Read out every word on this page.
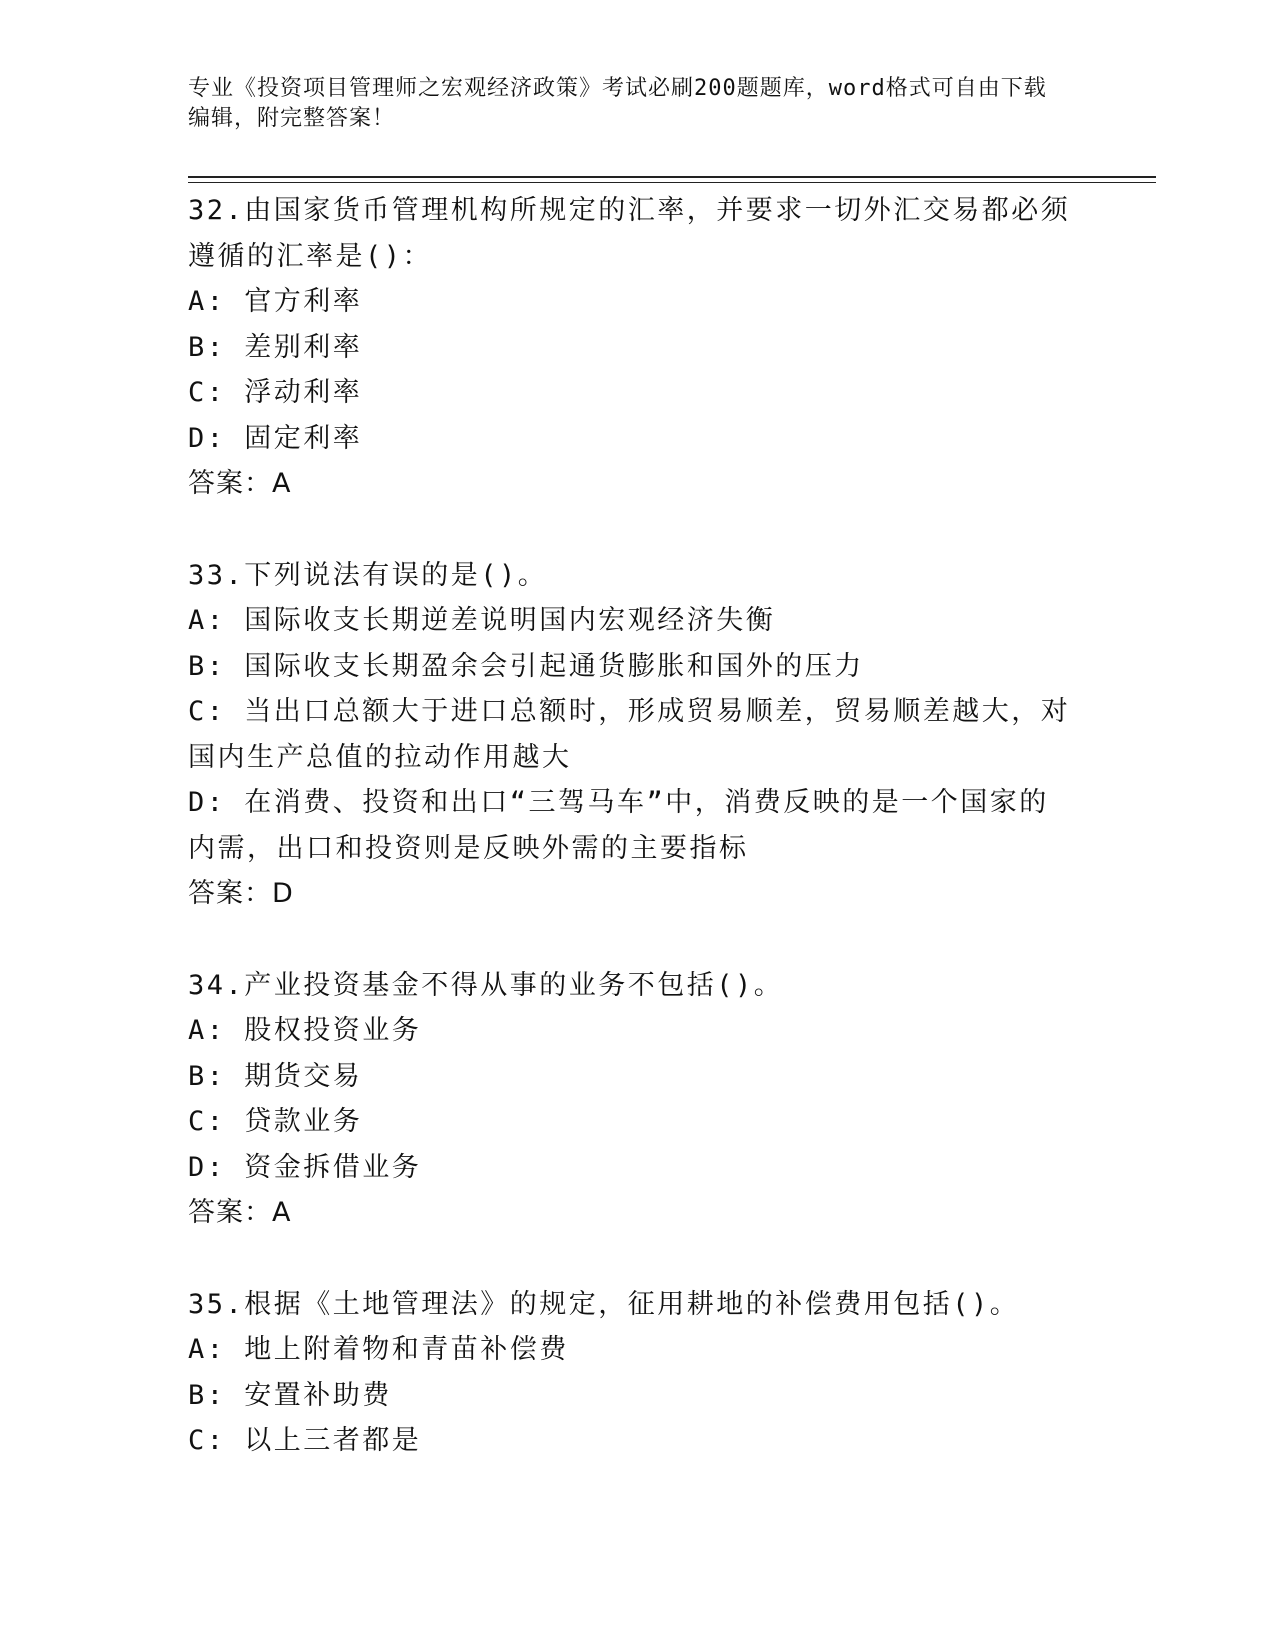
专业《投资项目管理师之宏观经济政策》考试必刷200题题库，word格式可自由下载编辑，附完整答案！
32.由国家货币管理机构所规定的汇率，并要求一切外汇交易都必须遵循的汇率是()：
A: 官方利率
B: 差别利率
C: 浮动利率
D: 固定利率
答案：A
33.下列说法有误的是()。
A: 国际收支长期逆差说明国内宏观经济失衡
B: 国际收支长期盈余会引起通货膨胀和国外的压力
C: 当出口总额大于进口总额时，形成贸易顺差，贸易顺差越大，对国内生产总值的拉动作用越大
D: 在消费、投资和出口“三驾马车”中，消费反映的是一个国家的内需，出口和投资则是反映外需的主要指标
答案：D
34.产业投资基金不得从事的业务不包括()。
A: 股权投资业务
B: 期货交易
C: 贷款业务
D: 资金拆借业务
答案：A
35.根据《土地管理法》的规定，征用耕地的补偿费用包括()。
A: 地上附着物和青苗补偿费
B: 安置补助费
C: 以上三者都是
